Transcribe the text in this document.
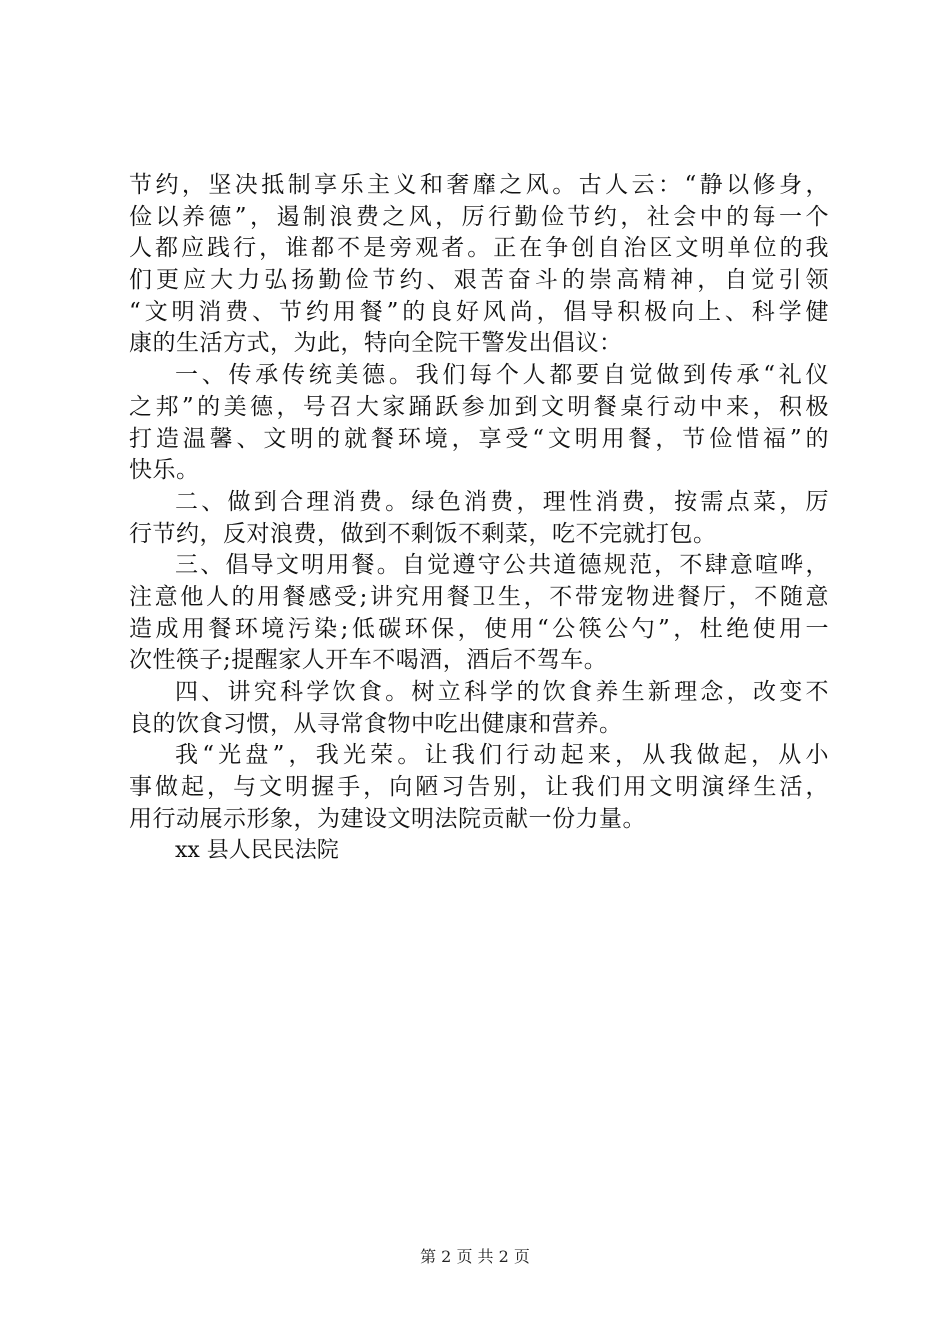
节约，坚决抵制享乐主义和奢靡之风。古人云：“静以修身，
俭以养德”，遏制浪费之风，厉行勤俭节约，社会中的每一个
人都应践行，谁都不是旁观者。正在争创自治区文明单位的我
们更应大力弘扬勤俭节约、艰苦奋斗的崇高精神，自觉引领
“文明消费、节约用餐”的良好风尚，倡导积极向上、科学健
康的生活方式，为此，特向全院干警发出倡议：
一、传承传统美德。我们每个人都要自觉做到传承“礼仪
之邦”的美德，号召大家踊跃参加到文明餐桌行动中来，积极
打造温馨、文明的就餐环境，享受“文明用餐，节俭惜福”的
快乐。
二、做到合理消费。绿色消费，理性消费，按需点菜，厉
行节约，反对浪费，做到不剩饭不剩菜，吃不完就打包。
三、倡导文明用餐。自觉遵守公共道德规范，不肆意喧哗，
注意他人的用餐感受;讲究用餐卫生，不带宠物进餐厅，不随意
造成用餐环境污染;低碳环保，使用“公筷公勺”，杜绝使用一
次性筷子;提醒家人开车不喝酒，酒后不驾车。
四、讲究科学饮食。树立科学的饮食养生新理念，改变不
良的饮食习惯，从寻常食物中吃出健康和营养。
我“光盘”，我光荣。让我们行动起来，从我做起，从小
事做起，与文明握手，向陋习告别，让我们用文明演绎生活，
用行动展示形象，为建设文明法院贡献一份力量。
xx 县人民民法院
第 2 页 共 2 页
